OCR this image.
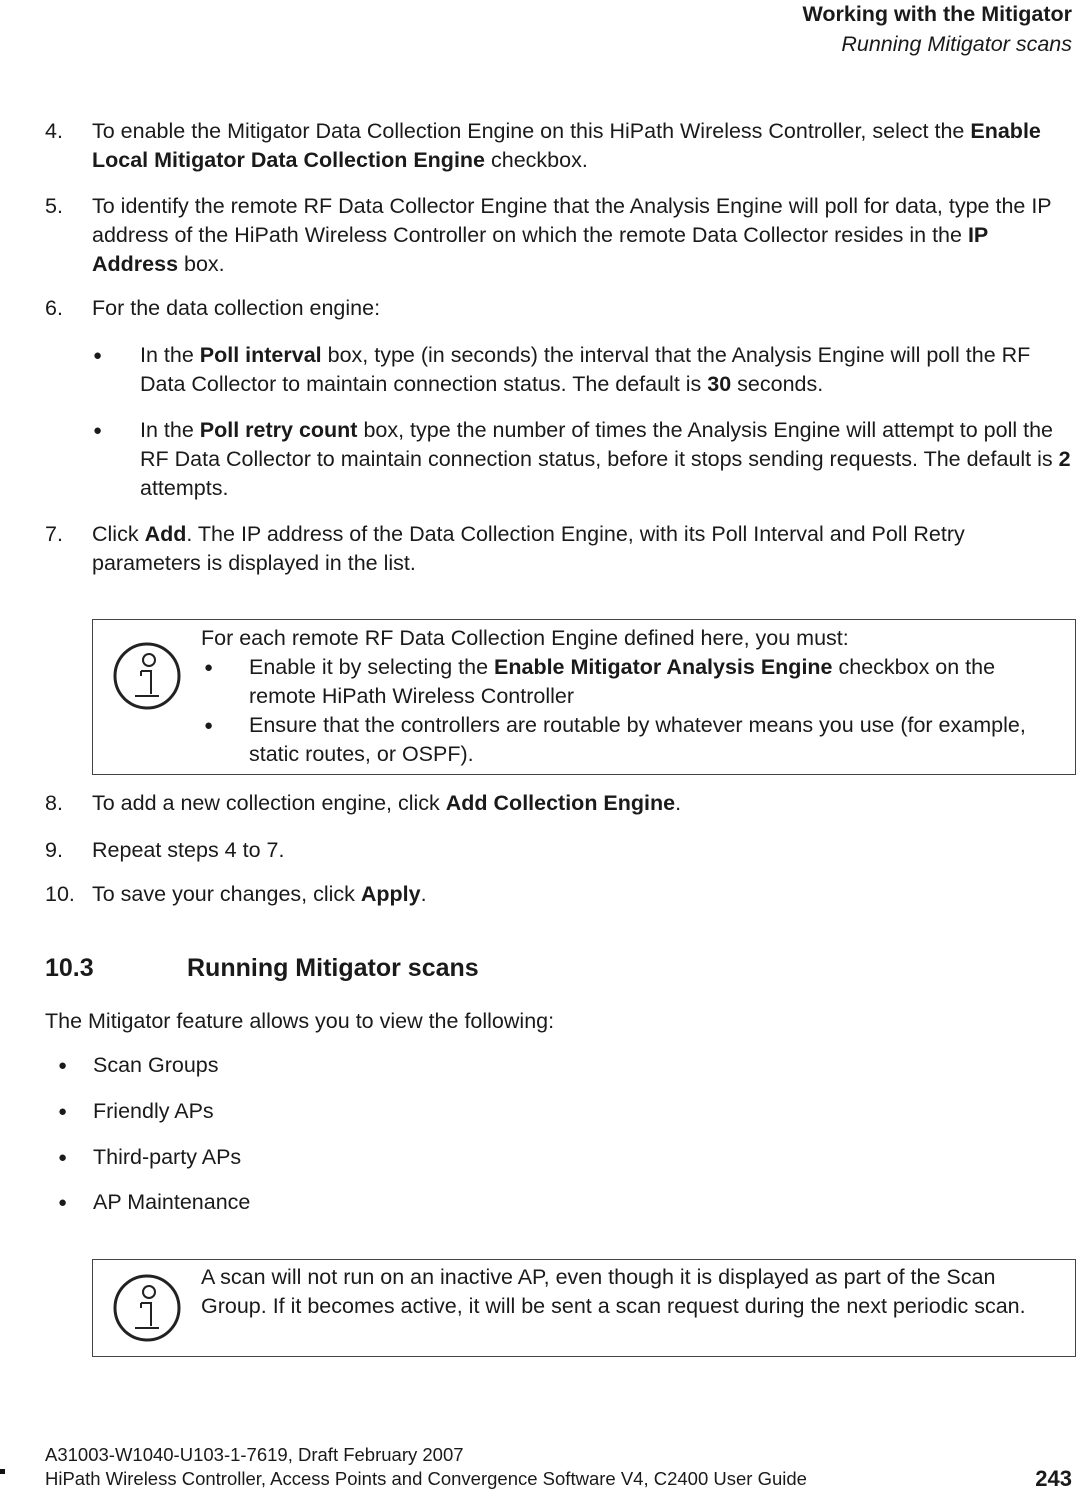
Working with the Mitigator
Running Mitigator scans
4. To enable the Mitigator Data Collection Engine on this HiPath Wireless Controller, select the Enable Local Mitigator Data Collection Engine checkbox.
5. To identify the remote RF Data Collector Engine that the Analysis Engine will poll for data, type the IP address of the HiPath Wireless Controller on which the remote Data Collector resides in the IP Address box.
6. For the data collection engine:
● In the Poll interval box, type (in seconds) the interval that the Analysis Engine will poll the RF Data Collector to maintain connection status. The default is 30 seconds.
● In the Poll retry count box, type the number of times the Analysis Engine will attempt to poll the RF Data Collector to maintain connection status, before it stops sending requests. The default is 2 attempts.
7. Click Add. The IP address of the Data Collection Engine, with its Poll Interval and Poll Retry parameters is displayed in the list.
For each remote RF Data Collection Engine defined here, you must:
● Enable it by selecting the Enable Mitigator Analysis Engine checkbox on the remote HiPath Wireless Controller
● Ensure that the controllers are routable by whatever means you use (for example, static routes, or OSPF).
8. To add a new collection engine, click Add Collection Engine.
9. Repeat steps 4 to 7.
10. To save your changes, click Apply.
10.3	Running Mitigator scans
The Mitigator feature allows you to view the following:
● Scan Groups
● Friendly APs
● Third-party APs
● AP Maintenance
A scan will not run on an inactive AP, even though it is displayed as part of the Scan Group. If it becomes active, it will be sent a scan request during the next periodic scan.
A31003-W1040-U103-1-7619, Draft February 2007
HiPath Wireless Controller, Access Points and Convergence Software V4, C2400 User Guide	243
